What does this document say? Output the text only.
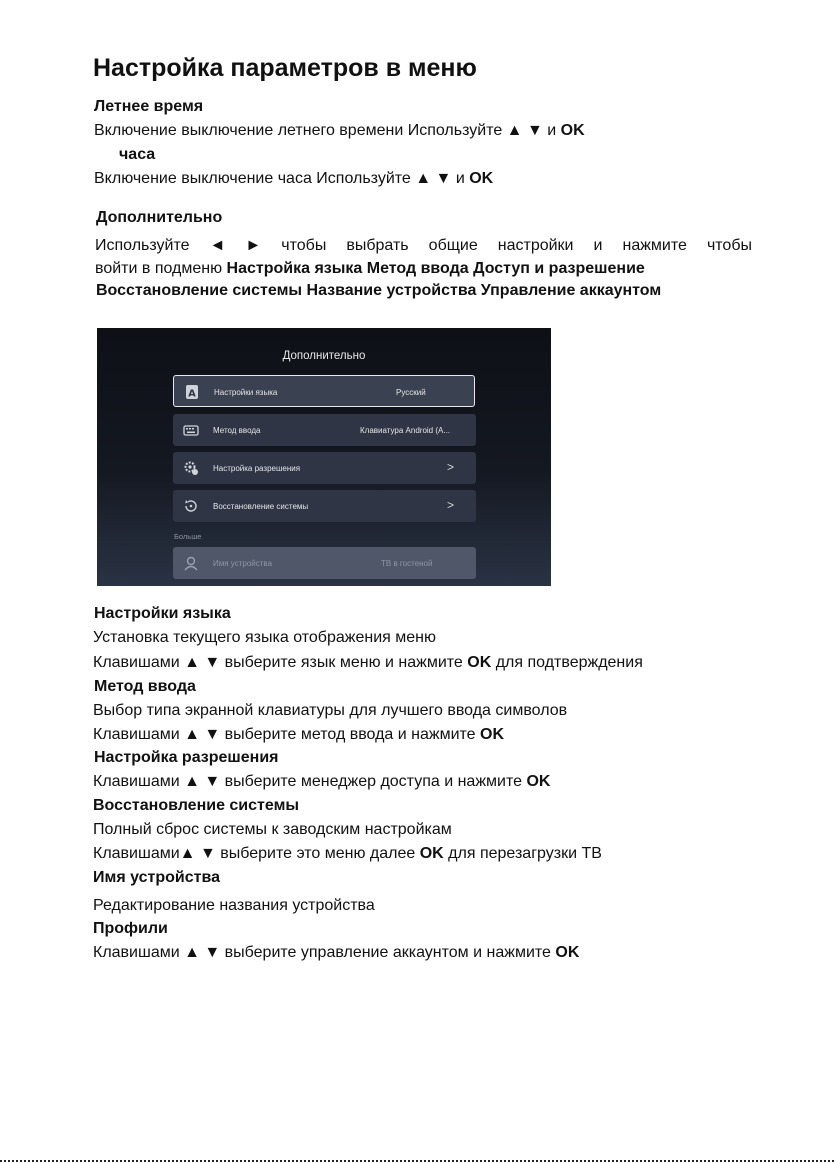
Настройка параметров в меню
Летнее время
Включение выключение летнего времени Используйте ▲ ▼ и OK
часа
Включение выключение часа Используйте ▲ ▼ и OK
Дополнительно
Используйте ◄ ► чтобы выбрать общие настройки и нажмите чтобы
войти в подменю Настройка языка Метод ввода Доступ и разрешение
Восстановление системы Название устройства Управление аккаунтом
Дополнительно
A Настройки языка	Русский
Метод ввода	Клавиатура Android (A...
Настройка разрешения	>
Восстановление системы	>
Больше
Имя устройства	ТВ в гостеной
Настройки языка
Установка текущего языка отображения меню
Клавишами ▲ ▼ выберите язык меню и нажмите OK для подтверждения
Метод ввода
Выбор типа экранной клавиатуры для лучшего ввода символов
Клавишами ▲ ▼ выберите метод ввода и нажмите OK
Настройка разрешения
Клавишами ▲ ▼ выберите менеджер доступа и нажмите OK
Восстановление системы
Полный сброс системы к заводским настройкам
Клавишами▲ ▼ выберите это меню далее OK для перезагрузки ТВ
Имя устройства
Редактирование названия устройства
Профили
Клавишами ▲ ▼ выберите управление аккаунтом и нажмите OK
